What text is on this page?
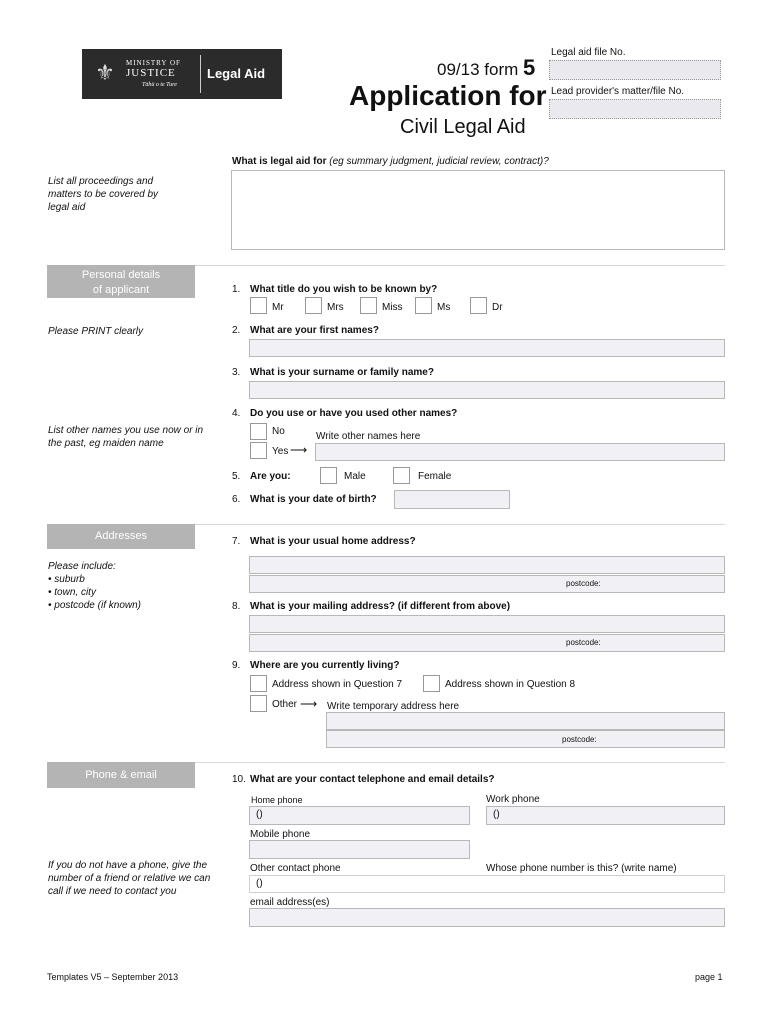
⚜	MINISTRY OF
JUSTICE
Tāhū o te Ture
Legal Aid	09/13 form 5
Application for
Civil Legal Aid
Legal aid file No.
Lead provider's matter/file No.
What is legal aid for (eg summary judgment, judicial review, contract)?
List all proceedings and
matters to be covered by
legal aid
Personal details
of applicant	1. What title do you wish to be known by?
Mr	Mrs	Miss	Ms	Dr
Please PRINT clearly	2. What are your first names?
3. What is your surname or family name?
4. Do you use or have you used other names?
List other names you use now or in
the past, eg maiden name
No	Write other names here
Yes ⟶
5. Are you:	Male	Female
6. What is your date of birth?
Addresses	7. What is your usual home address?
Please include:
• suburb
• town, city
• postcode (if known)
postcode:
8. What is your mailing address? (if different from above)
postcode:
9. Where are you currently living?
Address shown in Question 7	Address shown in Question 8
Other ⟶ Write temporary address here
postcode:
Phone & email	10. What are your contact telephone and email details?
Home phone	Work phone
()	()
Mobile phone
If you do not have a phone, give the
number of a friend or relative we can
call if we need to contact you
Other contact phone	Whose phone number is this? (write name)
()
email address(es)
Templates V5 – September 2013	page 1
